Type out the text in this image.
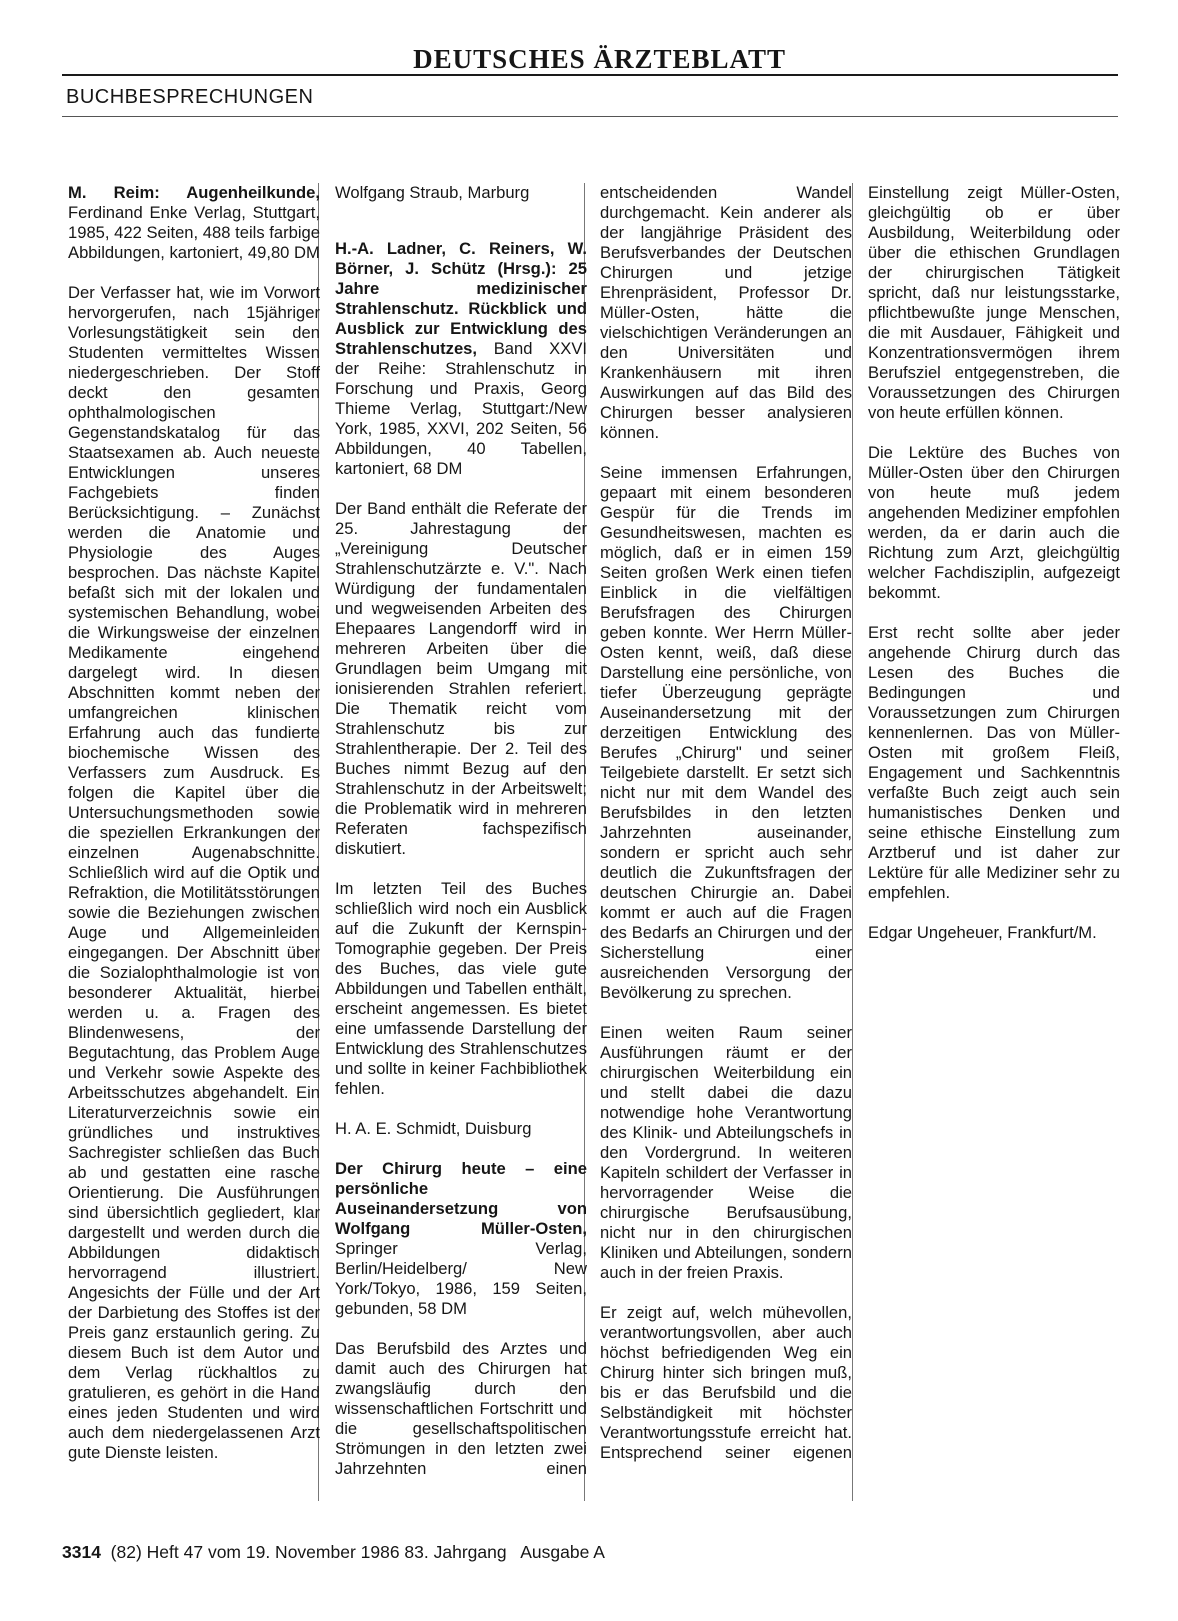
DEUTSCHES ÄRZTEBLATT
BUCHBESPRECHUNGEN

M. Reim: Augenheilkunde, Ferdinand Enke Verlag, Stuttgart, 1985, 422 Seiten, 488 teils farbige Abbildungen, kartoniert, 49,80 DM

Der Verfasser hat, wie im Vorwort hervorgerufen, nach 15jähriger Vorlesungstätigkeit sein den Studenten vermitteltes Wissen niedergeschrieben. Der Stoff deckt den gesamten ophthalmologischen Gegenstandskatalog für das Staatsexamen ab. Auch neueste Entwicklungen unseres Fachgebiets finden Berücksichtigung. – Zunächst werden die Anatomie und Physiologie des Auges besprochen. Das nächste Kapitel befaßt sich mit der lokalen und systemischen Behandlung, wobei die Wirkungsweise der einzelnen Medikamente eingehend dargelegt wird. In diesen Abschnitten kommt neben der umfangreichen klinischen Erfahrung auch das fundierte biochemische Wissen des Verfassers zum Ausdruck. Es folgen die Kapitel über die Untersuchungsmethoden sowie die speziellen Erkrankungen der einzelnen Augenabschnitte. Schließlich wird auf die Optik und Refraktion, die Motilitätsstörungen sowie die Beziehungen zwischen Auge und Allgemeinleiden eingegangen. Der Abschnitt über die Sozialophthalmologie ist von besonderer Aktualität, hierbei werden u. a. Fragen des Blindenwesens, der Begutachtung, das Problem Auge und Verkehr sowie Aspekte des Arbeitsschutzes abgehandelt. Ein Literaturverzeichnis sowie ein gründliches und instruktives Sachregister schließen das Buch ab und gestatten eine rasche Orientierung. Die Ausführungen sind übersichtlich gegliedert, klar dargestellt und werden durch die Abbildungen didaktisch hervorragend illustriert. Angesichts der Fülle und der Art der Darbietung des Stoffes ist der Preis ganz erstaunlich gering. Zu diesem Buch ist dem Autor und dem Verlag rückhaltlos zu gratulieren, es gehört in die Hand eines jeden Studenten und wird auch dem niedergelassenen Arzt gute Dienste leisten.

Wolfgang Straub, Marburg

H.-A. Ladner, C. Reiners, W. Börner, J. Schütz (Hrsg.): 25 Jahre medizinischer Strahlenschutz. Rückblick und Ausblick zur Entwicklung des Strahlenschutzes, Band XXVI der Reihe: Strahlenschutz in Forschung und Praxis, Georg Thieme Verlag, Stuttgart:/New York, 1985, XXVI, 202 Seiten, 56 Abbildungen, 40 Tabellen, kartoniert, 68 DM

Der Band enthält die Referate der 25. Jahrestagung der „Vereinigung Deutscher Strahlenschutzärzte e. V.". Nach Würdigung der fundamentalen und wegweisenden Arbeiten des Ehepaares Langendorff wird in mehreren Arbeiten über die Grundlagen beim Umgang mit ionisierenden Strahlen referiert. Die Thematik reicht vom Strahlenschutz bis zur Strahlentherapie. Der 2. Teil des Buches nimmt Bezug auf den Strahlenschutz in der Arbeitswelt; die Problematik wird in mehreren Referaten fachspezifisch diskutiert.

Im letzten Teil des Buches schließlich wird noch ein Ausblick auf die Zukunft der Kernspin-Tomographie gegeben. Der Preis des Buches, das viele gute Abbildungen und Tabellen enthält, erscheint angemessen. Es bietet eine umfassende Darstellung der Entwicklung des Strahlenschutzes und sollte in keiner Fachbibliothek fehlen.

H. A. E. Schmidt, Duisburg

Der Chirurg heute – eine persönliche Auseinandersetzung von Wolfgang Müller-Osten, Springer Verlag, Berlin/Heidelberg/ New York/Tokyo, 1986, 159 Seiten, gebunden, 58 DM

Das Berufsbild des Arztes und damit auch des Chirurgen hat zwangsläufig durch den wissenschaftlichen Fortschritt und die gesellschaftspolitischen Strömungen in den letzten zwei Jahrzehnten einen

entscheidenden Wandel durchgemacht. Kein anderer als der langjährige Präsident des Berufsverbandes der Deutschen Chirurgen und jetzige Ehrenpräsident, Professor Dr. Müller-Osten, hätte die vielschichtigen Veränderungen an den Universitäten und Krankenhäusern mit ihren Auswirkungen auf das Bild des Chirurgen besser analysieren können.

Seine immensen Erfahrungen, gepaart mit einem besonderen Gespür für die Trends im Gesundheitswesen, machten es möglich, daß er in eimen 159 Seiten großen Werk einen tiefen Einblick in die vielfältigen Berufsfragen des Chirurgen geben konnte. Wer Herrn Müller-Osten kennt, weiß, daß diese Darstellung eine persönliche, von tiefer Überzeugung geprägte Auseinandersetzung mit der derzeitigen Entwicklung des Berufes „Chirurg" und seiner Teilgebiete darstellt. Er setzt sich nicht nur mit dem Wandel des Berufsbildes in den letzten Jahrzehnten auseinander, sondern er spricht auch sehr deutlich die Zukunftsfragen der deutschen Chirurgie an. Dabei kommt er auch auf die Fragen des Bedarfs an Chirurgen und der Sicherstellung einer ausreichenden Versorgung der Bevölkerung zu sprechen.

Einen weiten Raum seiner Ausführungen räumt er der chirurgischen Weiterbildung ein und stellt dabei die dazu notwendige hohe Verantwortung des Klinik- und Abteilungschefs in den Vordergrund. In weiteren Kapiteln schildert der Verfasser in hervorragender Weise die chirurgische Berufsausübung, nicht nur in den chirurgischen Kliniken und Abteilungen, sondern auch in der freien Praxis.

Er zeigt auf, welch mühevollen, verantwortungsvollen, aber auch höchst befriedigenden Weg ein Chirurg hinter sich bringen muß, bis er das Berufsbild und die Selbständigkeit mit höchster Verantwortungsstufe erreicht hat. Entsprechend seiner eigenen

Einstellung zeigt Müller-Osten, gleichgültig ob er über Ausbildung, Weiterbildung oder über die ethischen Grundlagen der chirurgischen Tätigkeit spricht, daß nur leistungsstarke, pflichtbewußte junge Menschen, die mit Ausdauer, Fähigkeit und Konzentrationsvermögen ihrem Berufsziel entgegenstreben, die Voraussetzungen des Chirurgen von heute erfüllen können.

Die Lektüre des Buches von Müller-Osten über den Chirurgen von heute muß jedem angehenden Mediziner empfohlen werden, da er darin auch die Richtung zum Arzt, gleichgültig welcher Fachdisziplin, aufgezeigt bekommt.

Erst recht sollte aber jeder angehende Chirurg durch das Lesen des Buches die Bedingungen und Voraussetzungen zum Chirurgen kennenlernen. Das von Müller-Osten mit großem Fleiß, Engagement und Sachkenntnis verfaßte Buch zeigt auch sein humanistisches Denken und seine ethische Einstellung zum Arztberuf und ist daher zur Lektüre für alle Mediziner sehr zu empfehlen.

Edgar Ungeheuer, Frankfurt/M.

3314 (82) Heft 47 vom 19. November 1986 83. Jahrgang   Ausgabe A
